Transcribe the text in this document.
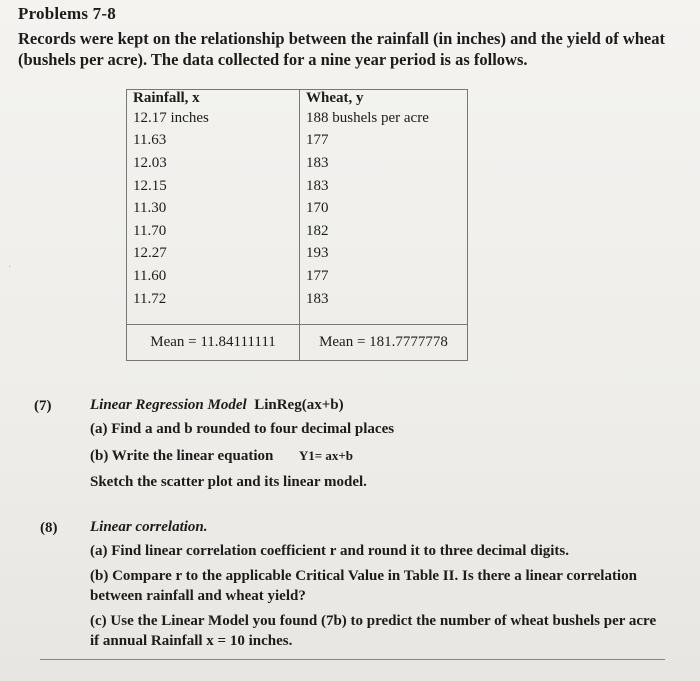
Problems 7-8
Records were kept on the relationship between the rainfall (in inches) and the yield of wheat (bushels per acre). The data collected for a nine year period is as follows.
Rainfall, x	Wheat, y
12.17 inches	188 bushels per acre
11.63	177
12.03	183
12.15	183
11.30	170
11.70	182
12.27	193
11.60	177
11.72	183

Mean = 11.84111111	Mean = 181.7777778
·
(7)	Linear Regression Model LinReg(ax+b)
(a) Find a and b rounded to four decimal places
(b) Write the linear equation Y1= ax+b
Sketch the scatter plot and its linear model.
(8) Linear correlation.
(a) Find linear correlation coefficient r and round it to three decimal digits.
(b) Compare r to the applicable Critical Value in Table II. Is there a linear correlation
between rainfall and wheat yield?
(c) Use the Linear Model you found (7b) to predict the number of wheat bushels per acre
if annual Rainfall x = 10 inches.
